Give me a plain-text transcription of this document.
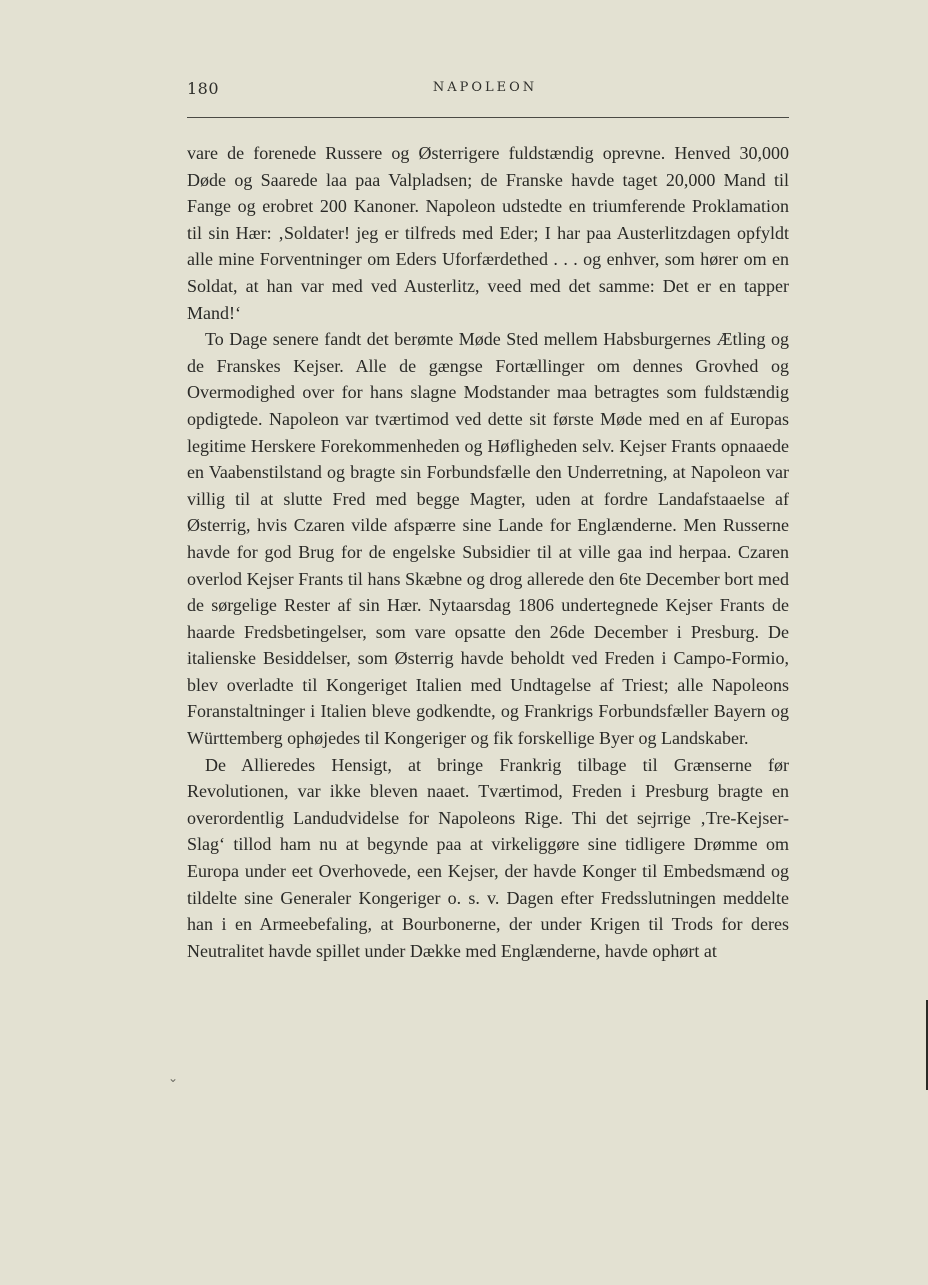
180	NAPOLEON

vare de forenede Russere og Østerrigere fuldstændig oprevne. Henved 30,000 Døde og Saarede laa paa Valpladsen; de Franske havde taget 20,000 Mand til Fange og erobret 200 Kanoner. Napoleon udstedte en triumferende Proklamation til sin Hær: ‚Soldater! jeg er tilfreds med Eder; I har paa Austerlitzdagen opfyldt alle mine Forventninger om Eders Uforfærdethed . . . og enhver, som hører om en Soldat, at han var med ved Austerlitz, veed med det samme: Det er en tapper Mand!‘

To Dage senere fandt det berømte Møde Sted mellem Habsburgernes Ætling og de Franskes Kejser. Alle de gængse Fortællinger om dennes Grovhed og Overmodighed over for hans slagne Modstander maa betragtes som fuldstændig opdigtede. Napoleon var tværtimod ved dette sit første Møde med en af Europas legitime Herskere Forekommenheden og Høfligheden selv. Kejser Frants opnaaede en Vaabenstilstand og bragte sin Forbundsfælle den Underretning, at Napoleon var villig til at slutte Fred med begge Magter, uden at fordre Landafstaaelse af Østerrig, hvis Czaren vilde afspærre sine Lande for Englænderne. Men Russerne havde for god Brug for de engelske Subsidier til at ville gaa ind herpaa. Czaren overlod Kejser Frants til hans Skæbne og drog allerede den 6te December bort med de sørgelige Rester af sin Hær. Nytaarsdag 1806 undertegnede Kejser Frants de haarde Fredsbetingelser, som vare opsatte den 26de December i Presburg. De italienske Besiddelser, som Østerrig havde beholdt ved Freden i Campo-Formio, blev overladte til Kongeriget Italien med Undtagelse af Triest; alle Napoleons Foranstaltninger i Italien bleve godkendte, og Frankrigs Forbundsfæller Bayern og Württemberg ophøjedes til Kongeriger og fik forskellige Byer og Landskaber.

De Allieredes Hensigt, at bringe Frankrig tilbage til Grænserne før Revolutionen, var ikke bleven naaet. Tværtimod, Freden i Presburg bragte en overordentlig Landudvidelse for Napoleons Rige. Thi det sejrrige ‚Tre-Kejser-Slag‘ tillod ham nu at begynde paa at virkeliggøre sine tidligere Drømme om Europa under eet Overhovede, een Kejser, der havde Konger til Embedsmænd og tildelte sine Generaler Kongeriger o. s. v. Dagen efter Fredsslutningen meddelte han i en Armeebefaling, at Bourbonerne, der under Krigen til Trods for deres Neutralitet havde spillet under Dække med Englænderne, havde ophørt at

⌄
